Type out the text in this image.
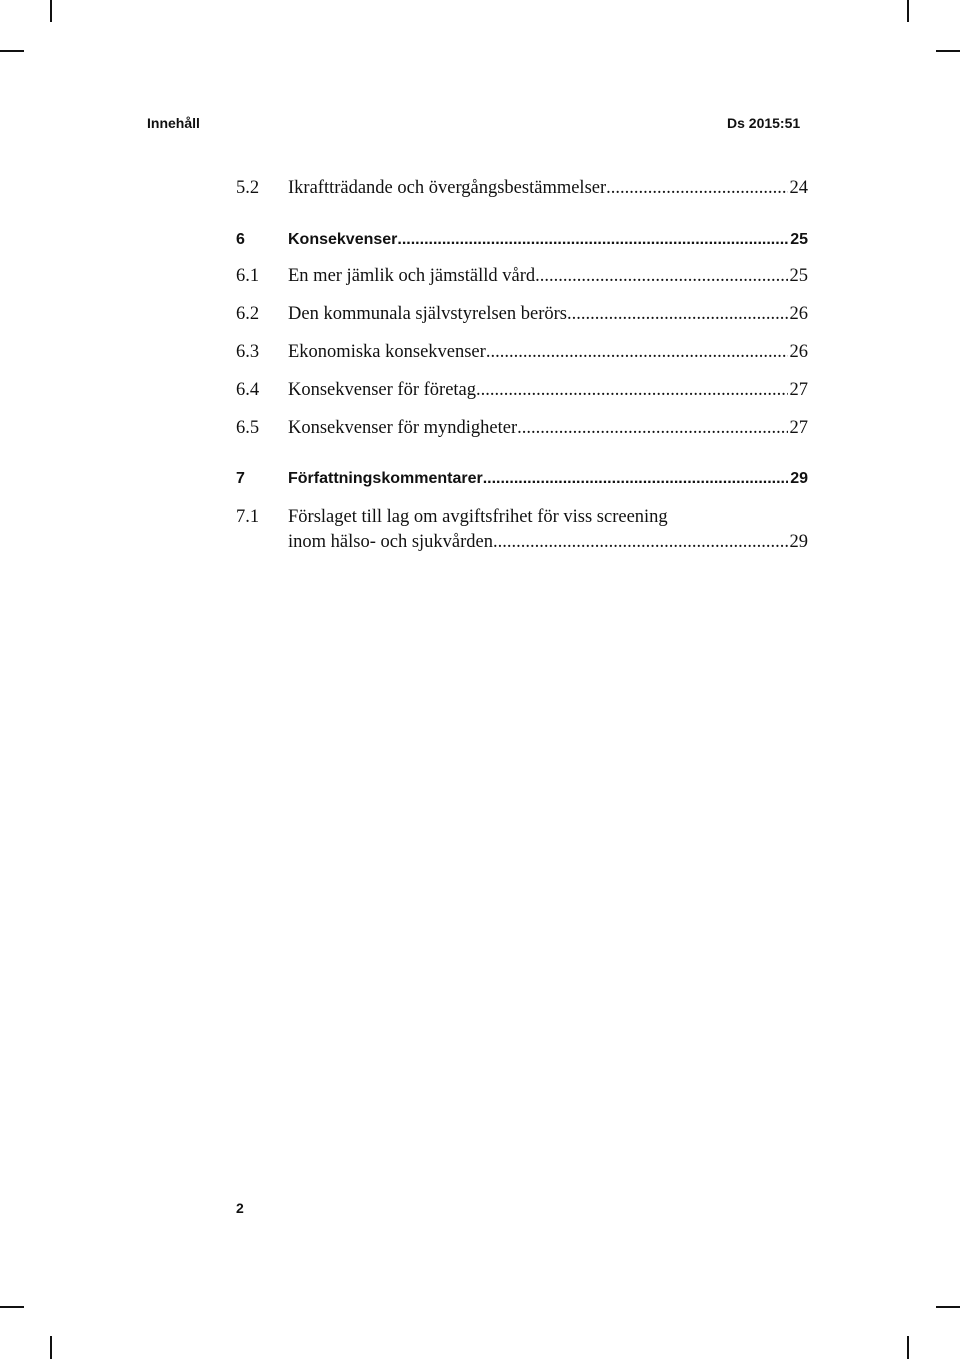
Innehåll	Ds 2015:51
5.2	Ikraftträdande och övergångsbestämmelser .....	24
6	Konsekvenser .....	25
6.1	En mer jämlik och jämställd vård .....	25
6.2	Den kommunala självstyrelsen berörs .....	26
6.3	Ekonomiska konsekvenser .....	26
6.4	Konsekvenser för företag .....	27
6.5	Konsekvenser för myndigheter .....	27
7	Författningskommentarer .....	29
7.1	Förslaget till lag om avgiftsfrihet för viss screening
inom hälso- och sjukvården .....	29
2
